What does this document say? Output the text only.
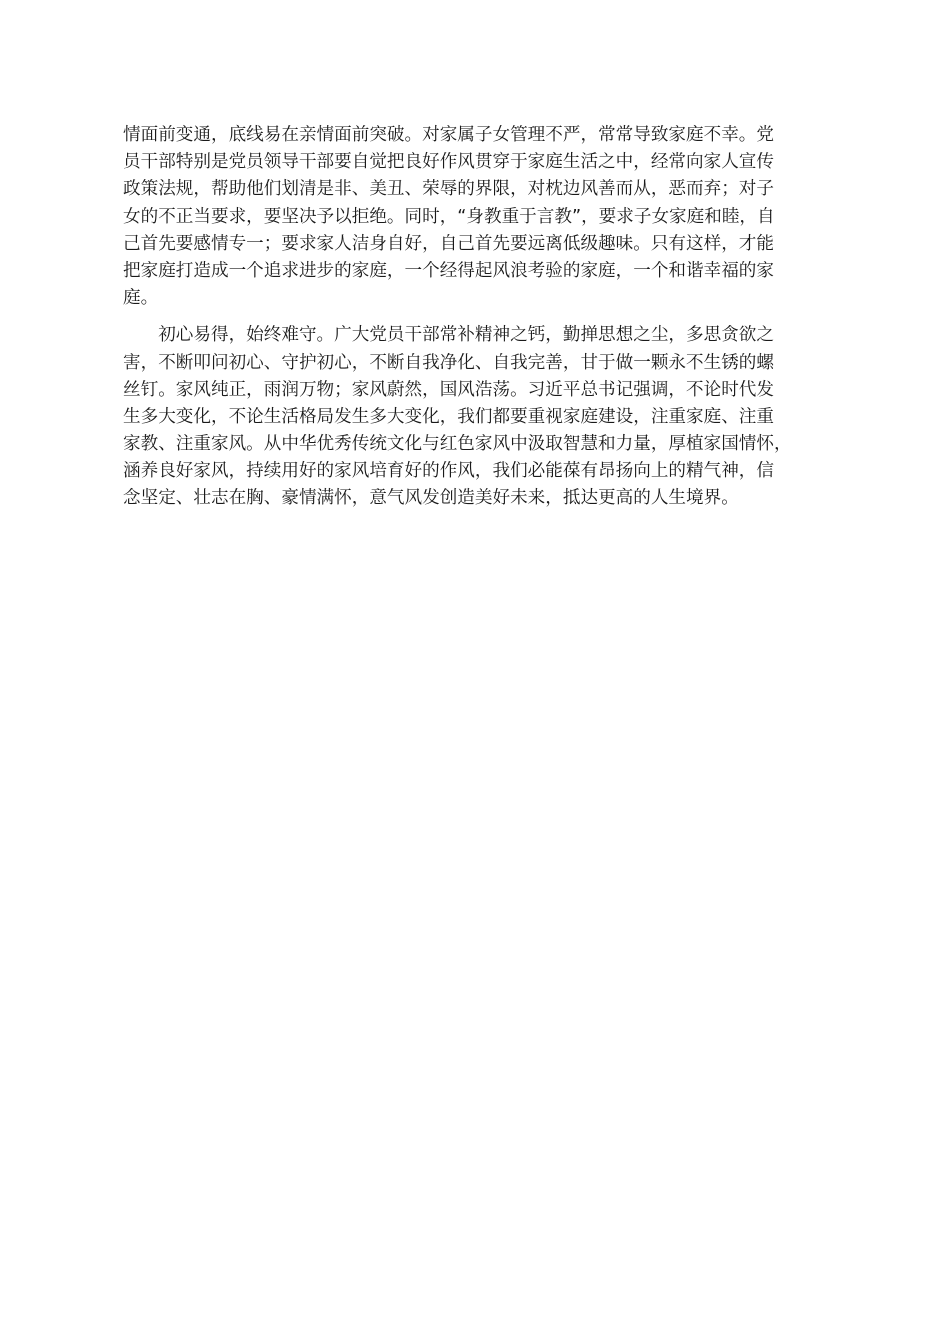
情面前变通，底线易在亲情面前突破。对家属子女管理不严，常常导致家庭不幸。党
员干部特别是党员领导干部要自觉把良好作风贯穿于家庭生活之中，经常向家人宣传
政策法规，帮助他们划清是非、美丑、荣辱的界限，对枕边风善而从，恶而弃；对子
女的不正当要求，要坚决予以拒绝。同时，“身教重于言教”，要求子女家庭和睦，自
己首先要感情专一；要求家人洁身自好，自己首先要远离低级趣味。只有这样，才能
把家庭打造成一个追求进步的家庭，一个经得起风浪考验的家庭，一个和谐幸福的家
庭。
　　初心易得，始终难守。广大党员干部常补精神之钙，勤掸思想之尘，多思贪欲之
害，不断叩问初心、守护初心，不断自我净化、自我完善，甘于做一颗永不生锈的螺
丝钉。家风纯正，雨润万物；家风蔚然，国风浩荡。习近平总书记强调，不论时代发
生多大变化，不论生活格局发生多大变化，我们都要重视家庭建设，注重家庭、注重
家教、注重家风。从中华优秀传统文化与红色家风中汲取智慧和力量，厚植家国情怀，
涵养良好家风，持续用好的家风培育好的作风，我们必能葆有昂扬向上的精气神，信
念坚定、壮志在胸、豪情满怀，意气风发创造美好未来，抵达更高的人生境界。
